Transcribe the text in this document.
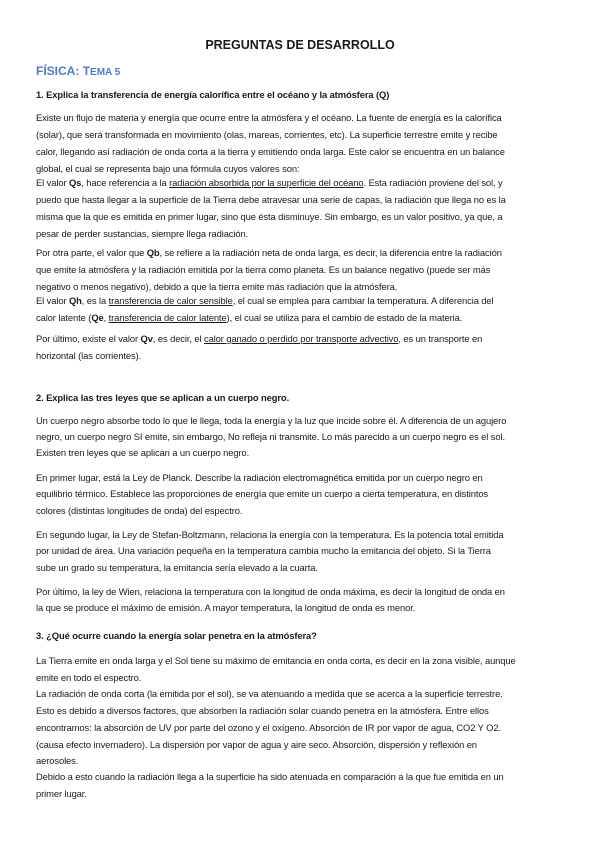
PREGUNTAS DE DESARROLLO
FÍSICA: TEMA 5
1. Explica la transferencia de energía calorífica entre el océano y la atmósfera (Q)
Existe un flujo de materia y energía que ocurre entre la atmósfera y el océano. La fuente de energía es la calorífica
(solar), que será transformada en movimiento (olas, mareas, corrientes, etc). La superficie terrestre emite y recibe
calor, llegando así radiación de onda corta a la tierra y emitiendo onda larga. Este calor se encuentra en un balance
global, el cual se representa bajo una fórmula cuyos valores son:
El valor Qs, hace referencia a la radiación absorbida por la superficie del océano. Esta radiación proviene del sol, y
puedo que hasta llegar a la superficie de la Tierra debe atravesar una serie de capas, la radiación que llega no es la
misma que la que es emitida en primer lugar, sino que ésta disminuye. Sin embargo, es un valor positivo, ya que, a
pesar de perder sustancias, siempre llega radiación.
Por otra parte, el valor que Qb, se refiere a la radiación neta de onda larga, es decir, la diferencia entre la radiación
que emite la atmósfera y la radiación emitida por la tierra como planeta. Es un balance negativo (puede ser más
negativo o menos negativo), debido a que la tierra emite más radiación que la atmósfera.
El valor Qh, es la transferencia de calor sensible, el cual se emplea para cambiar la temperatura. A diferencia del
calor latente (Qe, transferencia de calor latente), el cual se utiliza para el cambio de estado de la materia.
Por último, existe el valor Qv, es decir, el calor ganado o perdido por transporte advectivo, es un transporte en
horizontal (las corrientes).
2. Explica las tres leyes que se aplican a un cuerpo negro.
Un cuerpo negro absorbe todo lo que le llega, toda la energía y la luz que incide sobre él. A diferencia de un agujero
negro, un cuerpo negro SI emite, sin embargo, No refleja ni transmite. Lo más parecido a un cuerpo negro es el sol.
Existen tren leyes que se aplican a un cuerpo negro.
En primer lugar, está la Ley de Planck. Describe la radiación electromagnética emitida por un cuerpo negro en
equilibrio térmico. Establece las proporciones de energía que emite un cuerpo a cierta temperatura, en distintos
colores (distintas longitudes de onda) del espectro.
En segundo lugar, la Ley de Stefan-Boltzmann, relaciona la energía con la temperatura. Es la potencia total emitida
por unidad de área. Una variación pequeña en la temperatura cambia mucho la emitancia del objeto. Si la Tierra
sube un grado su temperatura, la emitancia sería elevado a la cuarta.
Por último, la ley de Wien, relaciona la temperatura con la longitud de onda máxima, es decir la longitud de onda en
la que se produce el máximo de emisión. A mayor temperatura, la longitud de onda es menor.
3. ¿Qué ocurre cuando la energía solar penetra en la atmósfera?
La Tierra emite en onda larga y el Sol tiene su máximo de emitancia en onda corta, es decir en la zona visible, aunque
emite en todo el espectro.
La radiación de onda corta (la emitida por el sol), se va atenuando a medida que se acerca a la superficie terrestre.
Esto es debido a diversos factores, que absorben la radiación solar cuando penetra en la atmósfera. Entre ellos
encontramos: la absorción de UV por parte del ozono y el oxígeno. Absorción de IR por vapor de agua, CO2 Y O2.
(causa efecto invernadero). La dispersión por vapor de agua y aire seco. Absorción, dispersión y reflexión en
aerosoles.
Debido a esto cuando la radiación llega a la superficie ha sido atenuada en comparación a la que fue emitida en un
primer lugar.
